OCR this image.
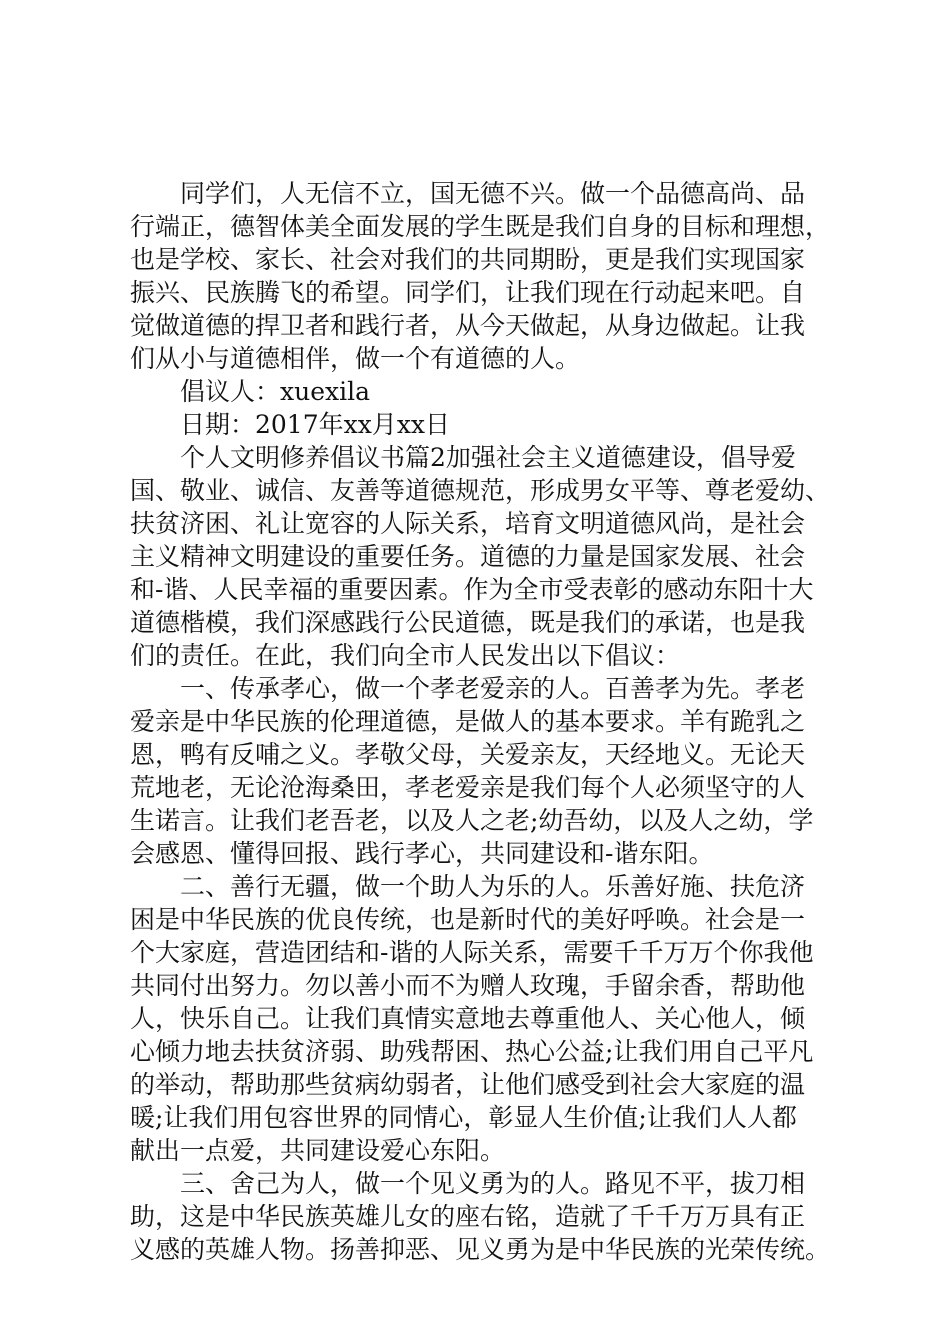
同学们，人无信不立，国无德不兴。做一个品德高尚、品
行端正，德智体美全面发展的学生既是我们自身的目标和理想，
也是学校、家长、社会对我们的共同期盼，更是我们实现国家
振兴、民族腾飞的希望。同学们，让我们现在行动起来吧。自
觉做道德的捍卫者和践行者，从今天做起，从身边做起。让我
们从小与道德相伴，做一个有道德的人。
倡议人：xuexila
日期：2017年xx月xx日
个人文明修养倡议书篇2加强社会主义道德建设，倡导爱
国、敬业、诚信、友善等道德规范，形成男女平等、尊老爱幼、
扶贫济困、礼让宽容的人际关系，培育文明道德风尚，是社会
主义精神文明建设的重要任务。道德的力量是国家发展、社会
和-谐、人民幸福的重要因素。作为全市受表彰的感动东阳十大
道德楷模，我们深感践行公民道德，既是我们的承诺，也是我
们的责任。在此，我们向全市人民发出以下倡议：
一、传承孝心，做一个孝老爱亲的人。百善孝为先。孝老
爱亲是中华民族的伦理道德，是做人的基本要求。羊有跪乳之
恩，鸭有反哺之义。孝敬父母，关爱亲友，天经地义。无论天
荒地老，无论沧海桑田，孝老爱亲是我们每个人必须坚守的人
生诺言。让我们老吾老，以及人之老;幼吾幼，以及人之幼，学
会感恩、懂得回报、践行孝心，共同建设和-谐东阳。
二、善行无疆，做一个助人为乐的人。乐善好施、扶危济
困是中华民族的优良传统，也是新时代的美好呼唤。社会是一
个大家庭，营造团结和-谐的人际关系，需要千千万万个你我他
共同付出努力。勿以善小而不为赠人玫瑰，手留余香，帮助他
人，快乐自己。让我们真情实意地去尊重他人、关心他人，倾
心倾力地去扶贫济弱、助残帮困、热心公益;让我们用自己平凡
的举动，帮助那些贫病幼弱者，让他们感受到社会大家庭的温
暖;让我们用包容世界的同情心，彰显人生价值;让我们人人都
献出一点爱，共同建设爱心东阳。
三、舍己为人，做一个见义勇为的人。路见不平，拔刀相
助，这是中华民族英雄儿女的座右铭，造就了千千万万具有正
义感的英雄人物。扬善抑恶、见义勇为是中华民族的光荣传统。
